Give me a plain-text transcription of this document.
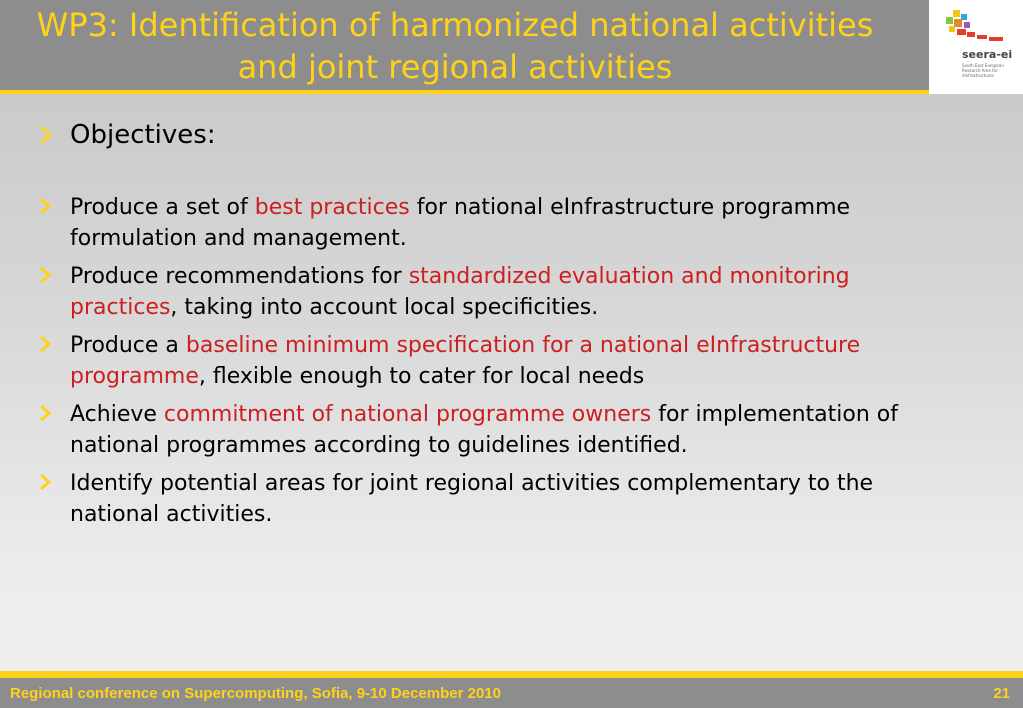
WP3: Identification of harmonized national activities and joint regional activities	seera-ei
South East European Research Area for eInfrastructures
Objectives:
Produce a set of best practices for national eInfrastructure programme formulation and management.
Produce recommendations for standardized evaluation and monitoring practices, taking into account local specificities.
Produce a baseline minimum specification for a national eInfrastructure programme, flexible enough to cater for local needs
Achieve commitment of national programme owners for implementation of national programmes according to guidelines identified.
Identify potential areas for joint regional activities complementary to the national activities.
Regional conference on Supercomputing, Sofia, 9-10 December 2010	21
